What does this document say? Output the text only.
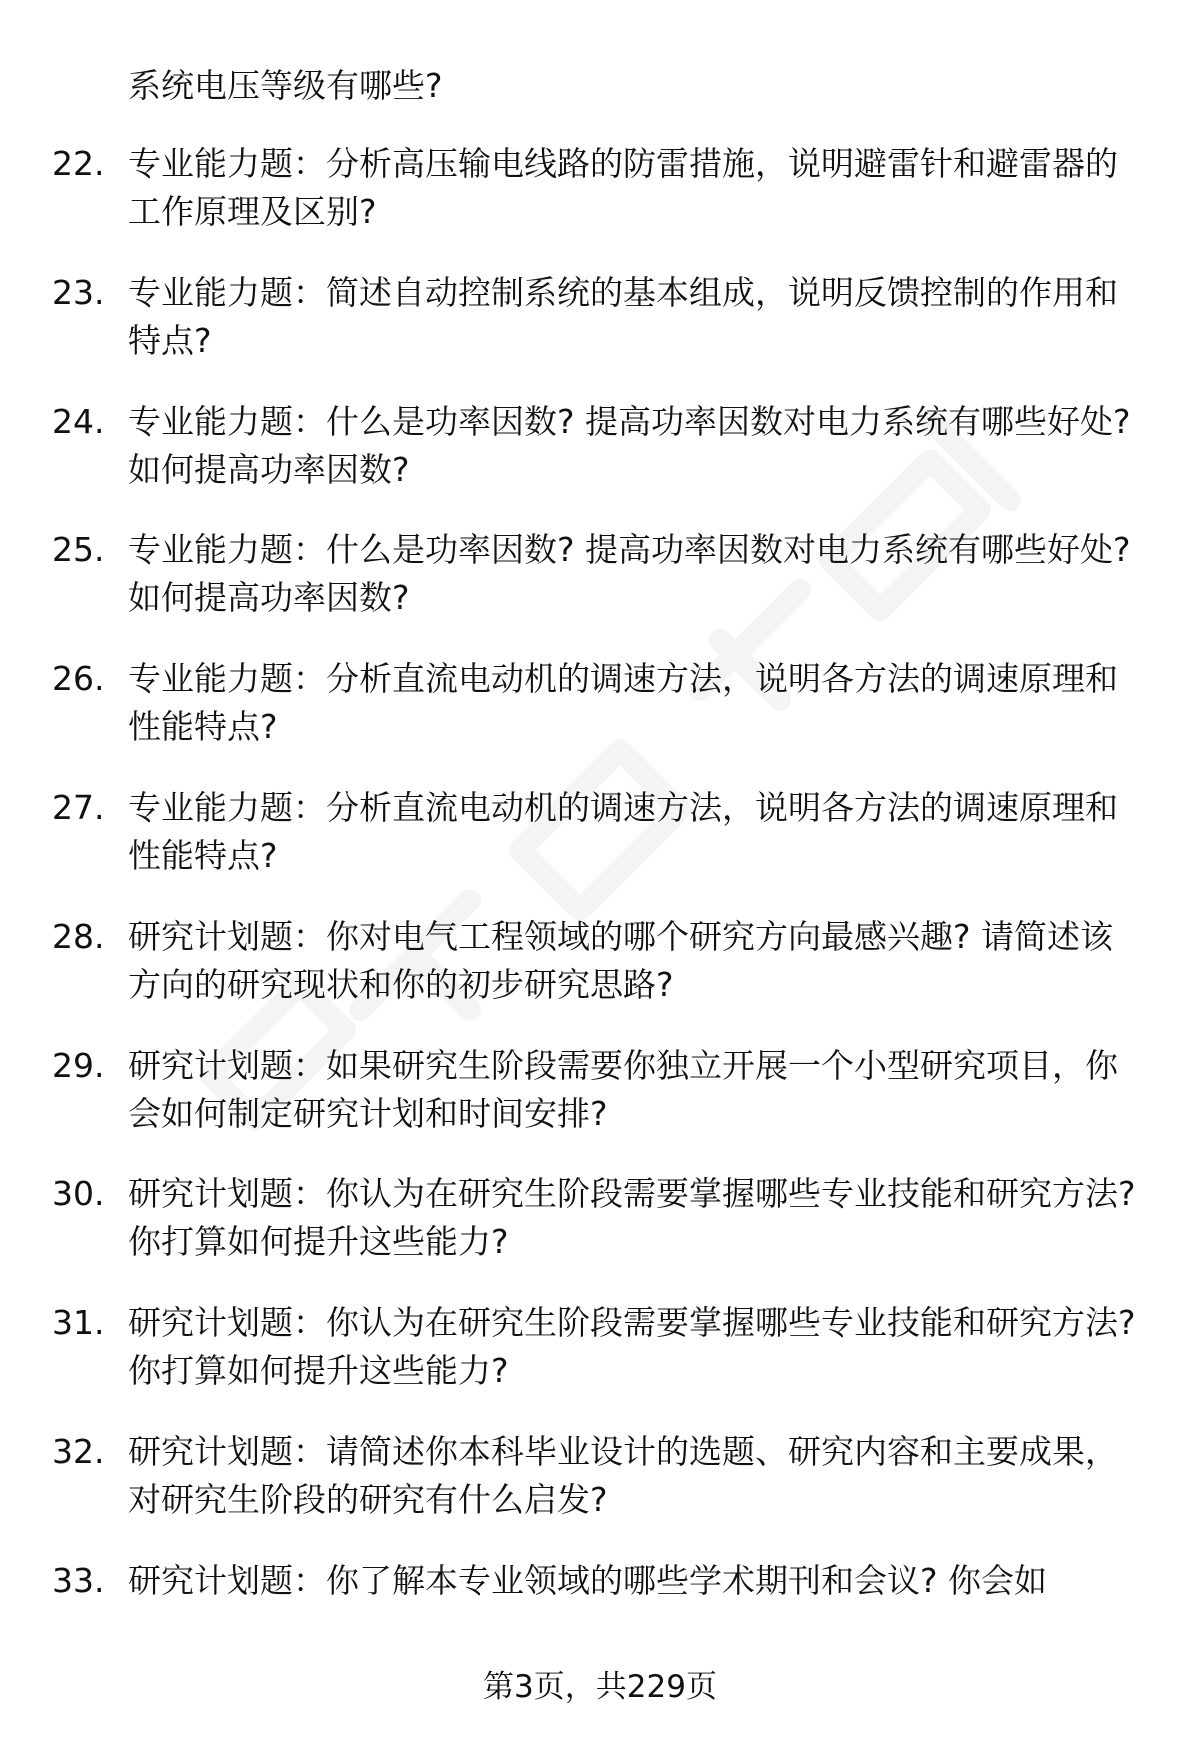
系统电压等级有哪些?
22. 专业能力题：分析高压输电线路的防雷措施，说明避雷针和避雷器的工作原理及区别?
23. 专业能力题：简述自动控制系统的基本组成，说明反馈控制的作用和特点?
24. 专业能力题：什么是功率因数? 提高功率因数对电力系统有哪些好处? 如何提高功率因数?
25. 专业能力题：什么是功率因数? 提高功率因数对电力系统有哪些好处? 如何提高功率因数?
26. 专业能力题：分析直流电动机的调速方法，说明各方法的调速原理和性能特点?
27. 专业能力题：分析直流电动机的调速方法，说明各方法的调速原理和性能特点?
28. 研究计划题：你对电气工程领域的哪个研究方向最感兴趣? 请简述该方向的研究现状和你的初步研究思路?
29. 研究计划题：如果研究生阶段需要你独立开展一个小型研究项目，你会如何制定研究计划和时间安排?
30. 研究计划题：你认为在研究生阶段需要掌握哪些专业技能和研究方法? 你打算如何提升这些能力?
31. 研究计划题：你认为在研究生阶段需要掌握哪些专业技能和研究方法? 你打算如何提升这些能力?
32. 研究计划题：请简述你本科毕业设计的选题、研究内容和主要成果，对研究生阶段的研究有什么启发?
33. 研究计划题：你了解本专业领域的哪些学术期刊和会议? 你会如
第3页，共229页
